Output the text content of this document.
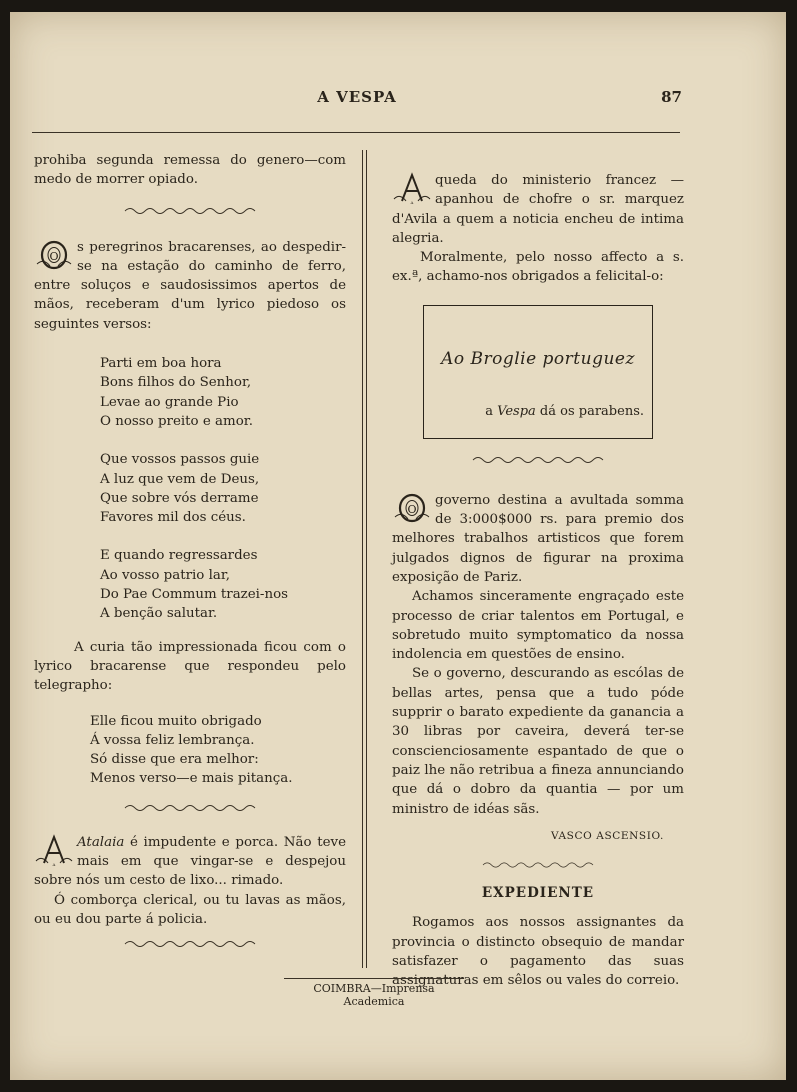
A VESPA	87

prohiba segunda remessa do genero—com medo de morrer opiado.

O
s peregrinos bracarenses, ao despedir-se na estação do caminho de ferro, entre soluços e saudosissimos apertos de mãos, receberam d'um lyrico piedoso os seguintes versos:

Parti em boa hora
Bons filhos do Senhor,
Levae ao grande Pio
O nosso preito e amor.
Que vossos passos guie
A luz que vem de Deus,
Que sobre vós derrame
Favores mil dos céus.
E quando regressardes
Ao vosso patrio lar,
Do Pae Commum trazei-nos
A benção salutar.

A curia tão impressionada ficou com o lyrico bracarense que respondeu pelo telegrapho:

Elle ficou muito obrigado
Á vossa feliz lembrança.
Só disse que era melhor:
Menos verso—e mais pitança.

A
Atalaia é impudente e porca. Não teve mais em que vingar-se e despejou sobre nós um cesto de lixo... rimado.

Ó comborça clerical, ou tu lavas as mãos, ou eu dou parte á policia.

A
queda do ministerio francez — apanhou de chofre o sr. marquez d'Avila a quem a noticia encheu de intima alegria.

Moralmente, pelo nosso affecto a s. ex.ª, achamo-nos obrigados a felicital-o:

Ao Broglie portuguez
a Vespa dá os parabens.

O
governo destina a avultada somma de 3:000$000 rs. para premio dos melhores trabalhos artisticos que forem julgados dignos de figurar na proxima exposição de Pariz.

Achamos sinceramente engraçado este processo de criar talentos em Portugal, e sobretudo muito symptomatico da nossa indolencia em questões de ensino.

Se o governo, descurando as escólas de bellas artes, pensa que a tudo póde supprir o barato expediente da ganancia a 30 libras por caveira, deverá ter-se conscienciosamente espantado de que o paiz lhe não retribua a fineza annunciando que dá o dobro da quantia — por um ministro de idéas sãs.

VASCO ASCENSIO.
EXPEDIENTE

Rogamos aos nossos assignantes da provincia o distincto obsequio de mandar satisfazer o pagamento das suas assignaturas em sêlos ou vales do correio.

COIMBRA—Imprensa Academica
